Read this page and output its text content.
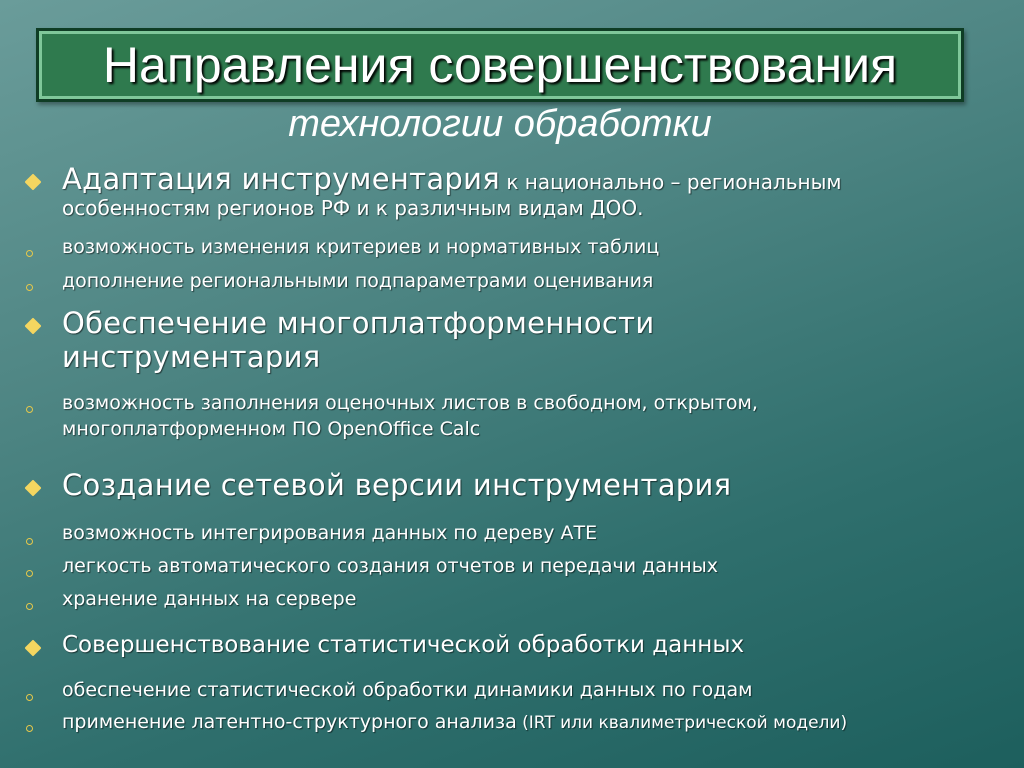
Направления совершенствования
технологии обработки
Адаптация инструментария к национально – региональным особенностям регионов РФ и к различным видам ДОО.
возможность изменения критериев и нормативных таблиц
дополнение региональными подпараметрами оценивания
Обеспечение многоплатформенности инструментария
возможность заполнения оценочных листов в свободном, открытом, многоплатформенном ПО OpenOffice Calc
Создание сетевой версии инструментария
возможность интегрирования данных по дереву АТЕ
легкость автоматического создания отчетов и передачи данных
хранение данных на сервере
Совершенствование статистической обработки данных
обеспечение статистической обработки динамики данных по годам
применение латентно-структурного анализа (IRT или квалиметрической модели)
